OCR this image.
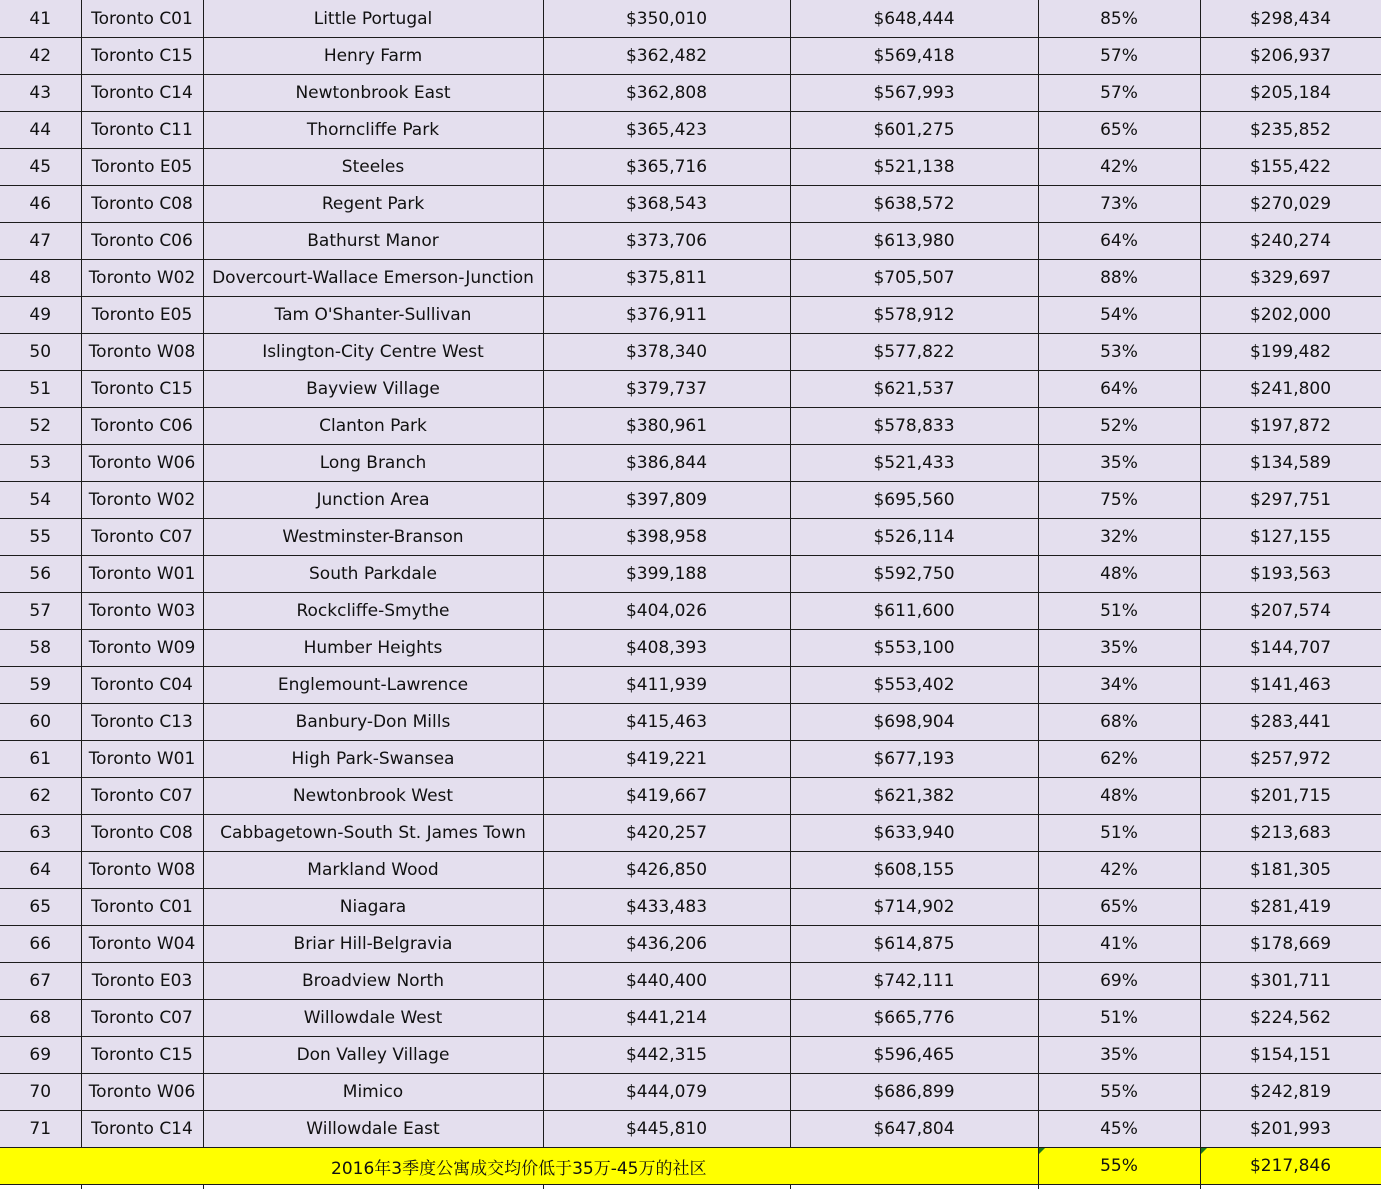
41	Toronto C01	Little Portugal	$350,010	$648,444	85%	$298,434
42	Toronto C15	Henry Farm	$362,482	$569,418	57%	$206,937
43	Toronto C14	Newtonbrook East	$362,808	$567,993	57%	$205,184
44	Toronto C11	Thorncliffe Park	$365,423	$601,275	65%	$235,852
45	Toronto E05	Steeles	$365,716	$521,138	42%	$155,422
46	Toronto C08	Regent Park	$368,543	$638,572	73%	$270,029
47	Toronto C06	Bathurst Manor	$373,706	$613,980	64%	$240,274
48	Toronto W02	Dovercourt-Wallace Emerson-Junction	$375,811	$705,507	88%	$329,697
49	Toronto E05	Tam O'Shanter-Sullivan	$376,911	$578,912	54%	$202,000
50	Toronto W08	Islington-City Centre West	$378,340	$577,822	53%	$199,482
51	Toronto C15	Bayview Village	$379,737	$621,537	64%	$241,800
52	Toronto C06	Clanton Park	$380,961	$578,833	52%	$197,872
53	Toronto W06	Long Branch	$386,844	$521,433	35%	$134,589
54	Toronto W02	Junction Area	$397,809	$695,560	75%	$297,751
55	Toronto C07	Westminster-Branson	$398,958	$526,114	32%	$127,155
56	Toronto W01	South Parkdale	$399,188	$592,750	48%	$193,563
57	Toronto W03	Rockcliffe-Smythe	$404,026	$611,600	51%	$207,574
58	Toronto W09	Humber Heights	$408,393	$553,100	35%	$144,707
59	Toronto C04	Englemount-Lawrence	$411,939	$553,402	34%	$141,463
60	Toronto C13	Banbury-Don Mills	$415,463	$698,904	68%	$283,441
61	Toronto W01	High Park-Swansea	$419,221	$677,193	62%	$257,972
62	Toronto C07	Newtonbrook West	$419,667	$621,382	48%	$201,715
63	Toronto C08	Cabbagetown-South St. James Town	$420,257	$633,940	51%	$213,683
64	Toronto W08	Markland Wood	$426,850	$608,155	42%	$181,305
65	Toronto C01	Niagara	$433,483	$714,902	65%	$281,419
66	Toronto W04	Briar Hill-Belgravia	$436,206	$614,875	41%	$178,669
67	Toronto E03	Broadview North	$440,400	$742,111	69%	$301,711
68	Toronto C07	Willowdale West	$441,214	$665,776	51%	$224,562
69	Toronto C15	Don Valley Village	$442,315	$596,465	35%	$154,151
70	Toronto W06	Mimico	$444,079	$686,899	55%	$242,819
71	Toronto C14	Willowdale East	$445,810	$647,804	45%	$201,993
2016年3季度公寓成交均价低于35万-45万的社区					55%	$217,846
